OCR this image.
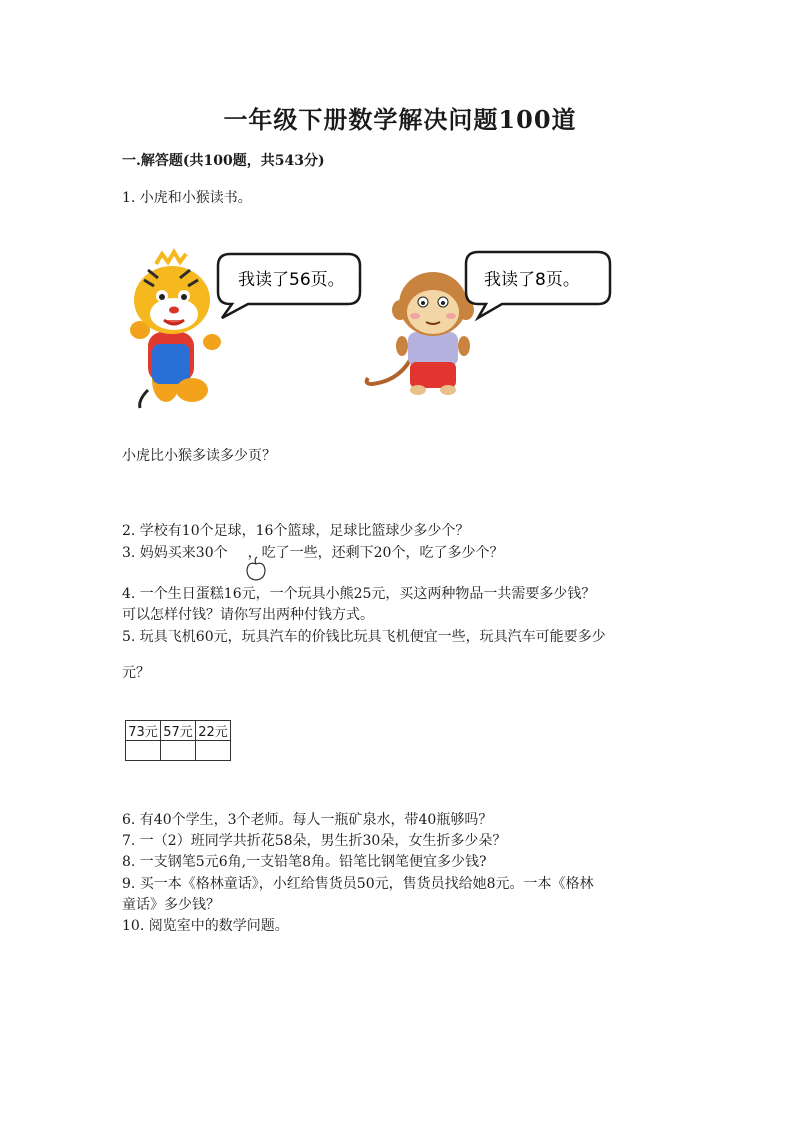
一年级下册数学解决问题100道
一.解答题(共100题，共543分)
1. 小虎和小猴读书。
我读了56页。	我读了8页。
小虎比小猴多读多少页？
2. 学校有10个足球，16个篮球，足球比篮球少多少个？
3. 妈妈买来30个 ，吃了一些，还剩下20个，吃了多少个？
4. 一个生日蛋糕16元，一个玩具小熊25元，买这两种物品一共需要多少钱？
可以怎样付钱？请你写出两种付钱方式。
5. 玩具飞机60元，玩具汽车的价钱比玩具飞机便宜一些，玩具汽车可能要多少
元？
73元	57元	22元

6. 有40个学生，3个老师。每人一瓶矿泉水，带40瓶够吗？
7. 一（2）班同学共折花58朵，男生折30朵，女生折多少朵？
8. 一支钢笔5元6角,一支铅笔8角。铅笔比钢笔便宜多少钱?
9. 买一本《格林童话》，小红给售货员50元，售货员找给她8元。一本《格林
童话》多少钱？
10. 阅览室中的数学问题。
